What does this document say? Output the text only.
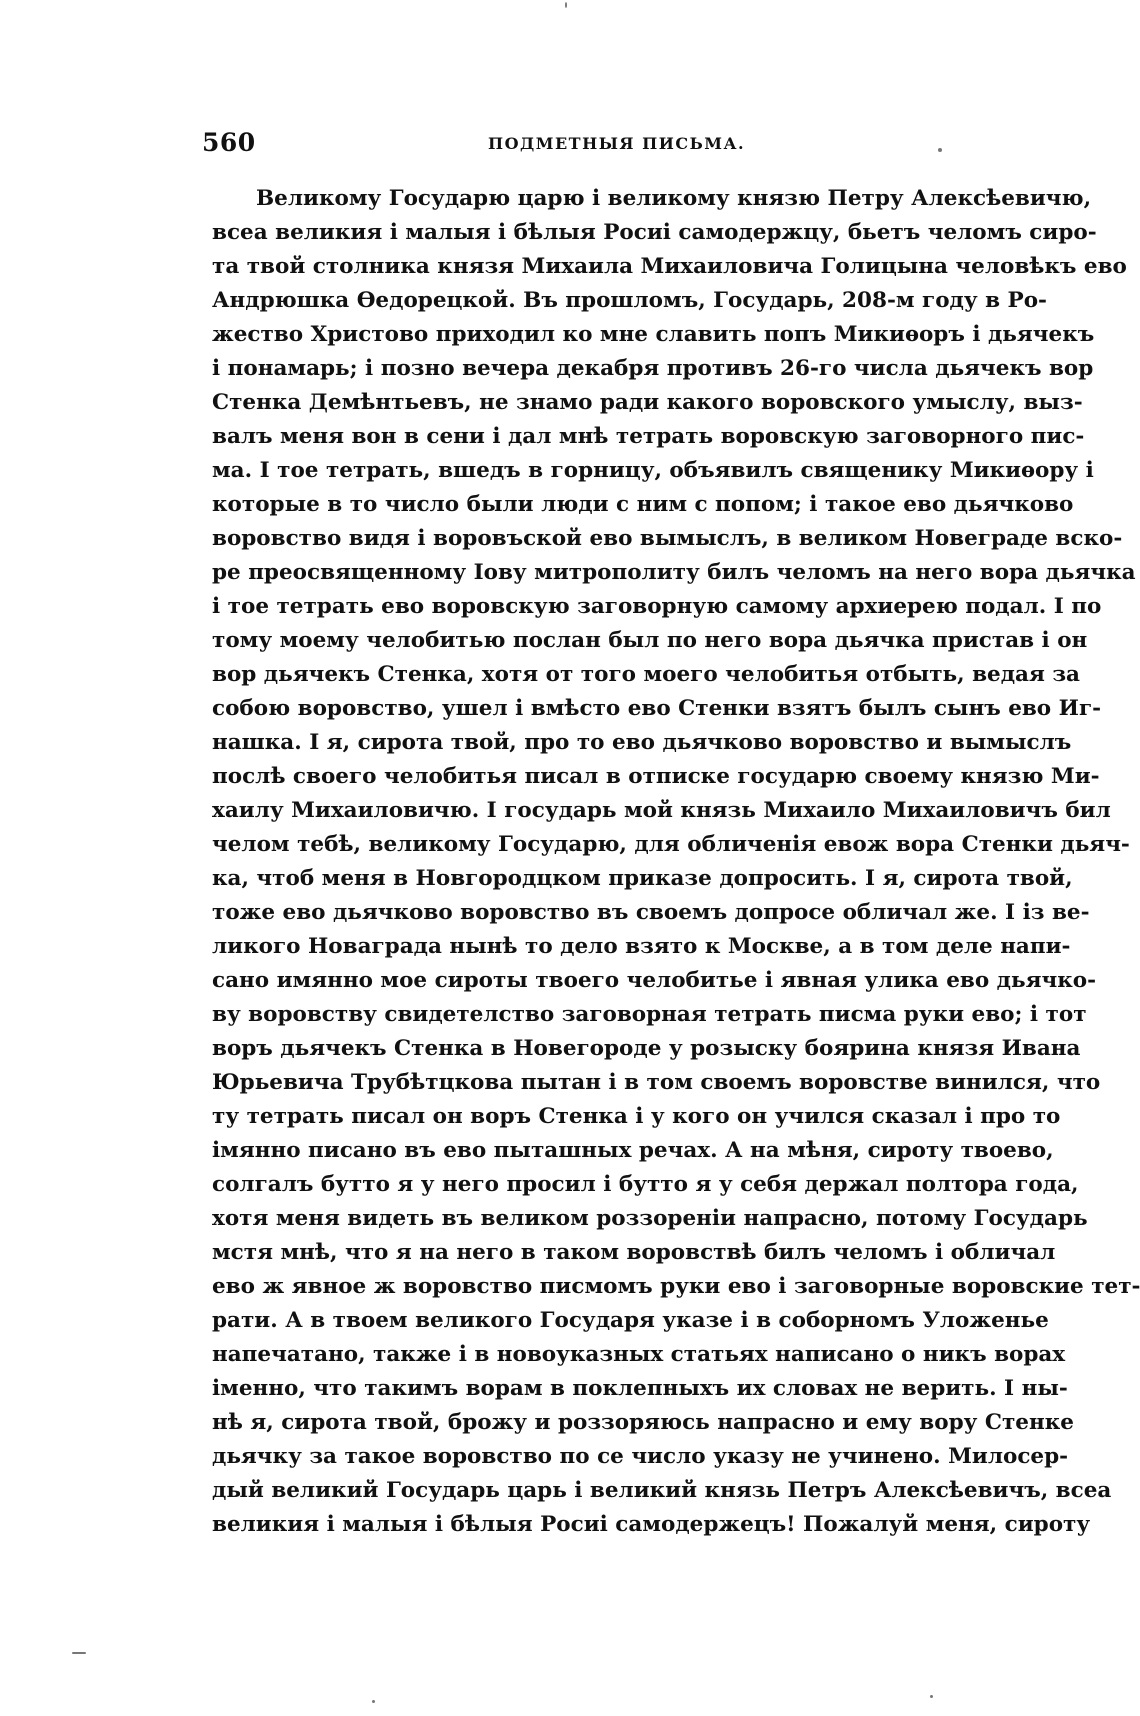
560	ПОДМЕТНЫЯ ПИСЬМА.
Великому Государю царю і великому князю Петру Алексѣевичю,
всеа великия і малыя і бѣлыя Росиі самодержцу, бьетъ челомъ сиро-
та твой столника князя Михаила Михаиловича Голицына человѣкъ ево
Андрюшка Ѳедорецкой. Въ прошломъ, Государь, 208-м году в Ро-
жество Христово приходил ко мне славить попъ Микиѳоръ і дьячекъ
і понамарь; і позно вечера декабря противъ 26-го числа дьячекъ вор
Стенка Демѣнтьевъ, не знамо ради какого воровского умыслу, выз-
валъ меня вон в сени і дал мнѣ тетрать воровскую заговорного пис-
ма. I тое тетрать, вшедъ в горницу, объявилъ священику Микиѳору і
которые в то число были люди с ним с попом; і такое ево дьячково
воровство видя і воровъской ево вымыслъ, в великом Новеграде вско-
ре преосвященному Іову митрополиту билъ челомъ на него вора дьячка
і тое тетрать ево воровскую заговорную самому архиерею подал. I по
тому моему челобитью послан был по него вора дьячка пристав і он
вор дьячекъ Стенка, хотя от того моего челобитья отбыть, ведая за
собою воровство, ушел і вмѣсто ево Стенки взятъ былъ сынъ ево Иг-
нашка. I я, сирота твой, про то ево дьячково воровство и вымыслъ
послѣ своего челобитья писал в отписке государю своему князю Ми-
хаилу Михаиловичю. I государь мой князь Михаило Михаиловичъ бил
челом тебѣ, великому Государю, для обличенія евож вора Стенки дьяч-
ка, чтоб меня в Новгородцком приказе допросить. I я, сирота твой,
тоже ево дьячково воровство въ своемъ допросе обличал же. I із ве-
ликого Новаграда нынѣ то дело взято к Москве, а в том деле напи-
сано имянно мое сироты твоего челобитье і явная улика ево дьячко-
ву воровству свидетелство заговорная тетрать писма руки ево; і тот
воръ дьячекъ Стенка в Новегороде у розыску боярина князя Ивана
Юрьевича Трубѣтцкова пытан і в том своемъ воровстве винился, что
ту тетрать писал он воръ Стенка і у кого он учился сказал і про то
імянно писано въ ево пыташных речах. А на мѣня, сироту твоево,
солгалъ бутто я у него просил і бутто я у себя держал полтора года,
хотя меня видеть въ великом роззореніи напрасно, потому Государь
мстя мнѣ, что я на него в таком воровствѣ билъ челомъ і обличал
ево ж явное ж воровство писмомъ руки ево і заговорные воровские тет-
рати. А в твоем великого Государя указе і в соборномъ Уложенье
напечатано, также і в новоуказных статьях написано о никъ ворах
іменно, что такимъ ворам в поклепныхъ их словах не верить. I ны-
нѣ я, сирота твой, брожу и роззоряюсь напрасно и ему вору Стенке
дьячку за такое воровство по се число указу не учинено. Милосер-
дый великий Государь царь і великий князь Петръ Алексѣевичъ, всеа
великия і малыя і бѣлыя Росиі самодержецъ! Пожалуй меня, сироту
